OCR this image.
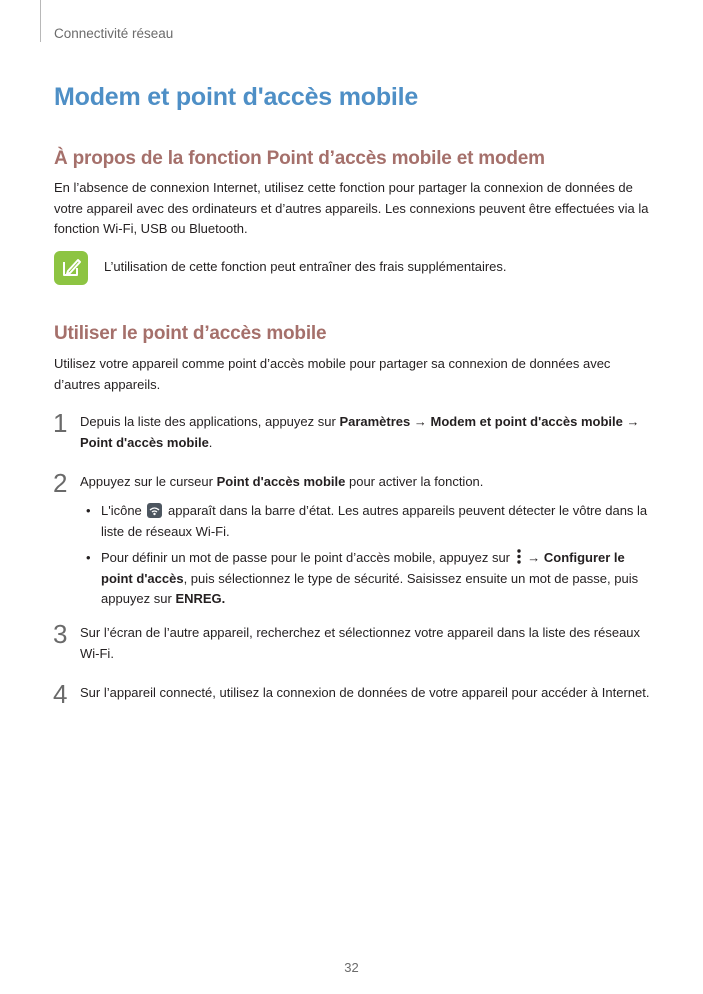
Connectivité réseau
Modem et point d'accès mobile
À propos de la fonction Point d’accès mobile et modem

En l’absence de connexion Internet, utilisez cette fonction pour partager la connexion de données de votre appareil avec des ordinateurs et d’autres appareils. Les connexions peuvent être effectuées via la fonction Wi-Fi, USB ou Bluetooth.

L’utilisation de cette fonction peut entraîner des frais supplémentaires.
Utiliser le point d’accès mobile

Utilisez votre appareil comme point d’accès mobile pour partager sa connexion de données avec d’autres appareils.

1 Depuis la liste des applications, appuyez sur Paramètres → Modem et point d'accès mobile → Point d'accès mobile.

2 Appuyez sur le curseur Point d'accès mobile pour activer la fonction.

• L'icône  apparaît dans la barre d’état. Les autres appareils peuvent détecter le vôtre dans la liste de réseaux Wi-Fi.

• Pour définir un mot de passe pour le point d’accès mobile, appuyez sur  → Configurer le point d'accès, puis sélectionnez le type de sécurité. Saisissez ensuite un mot de passe, puis appuyez sur ENREG.

3 Sur l’écran de l’autre appareil, recherchez et sélectionnez votre appareil dans la liste des réseaux Wi-Fi.

4 Sur l’appareil connecté, utilisez la connexion de données de votre appareil pour accéder à Internet.

32
